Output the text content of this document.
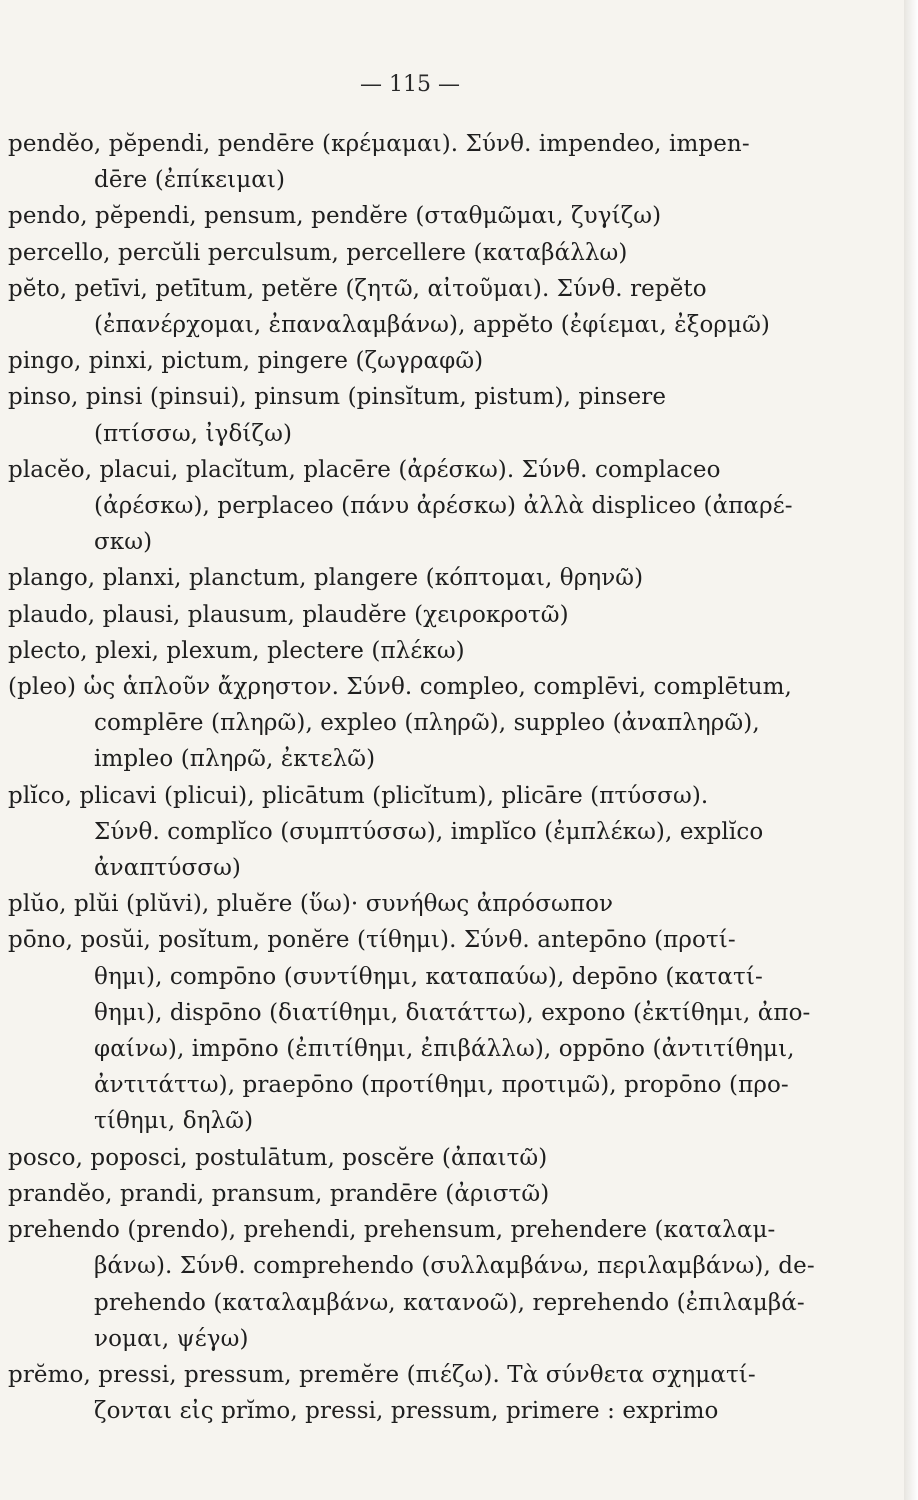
— 115 —
pendĕo, pĕpendi, pendēre (κρέμαμαι). Σύνθ. impendeo, impen-
dēre (ἐπίκειμαι)
pendo, pĕpendi, pensum, pendĕre (σταθμῶμαι, ζυγίζω)
percello, percŭli perculsum, percellere (καταβάλλω)
pĕto, petīvi, petītum, petĕre (ζητῶ, αἰτοῦμαι). Σύνθ. repĕto
(ἐπανέρχομαι, ἐπαναλαμβάνω), appĕto (ἐφίεμαι, ἐξορμῶ)
pingo, pinxi, pictum, pingere (ζωγραφῶ)
pinso, pinsi (pinsui), pinsum (pinsĭtum, pistum), pinsere
(πτίσσω, ἰγδίζω)
placĕo, placui, placĭtum, placēre (ἀρέσκω). Σύνθ. complaceo
(ἀρέσκω), perplaceo (πάνυ ἀρέσκω) ἀλλὰ displiceo (ἀπαρέ-
σκω)
plango, planxi, planctum, plangere (κόπτομαι, θρηνῶ)
plaudo, plausi, plausum, plaudĕre (χειροκροτῶ)
plecto, plexi, plexum, plectere (πλέκω)
(pleo) ὡς ἁπλοῦν ἄχρηστον. Σύνθ. compleo, complēvi, complētum,
complēre (πληρῶ), expleo (πληρῶ), suppleo (ἀναπληρῶ),
impleo (πληρῶ, ἐκτελῶ)
plĭco, plicavi (plicui), plicātum (plicĭtum), plicāre (πτύσσω).
Σύνθ. complĭco (συμπτύσσω), implĭco (ἐμπλέκω), explĭco
ἀναπτύσσω)
plŭo, plŭi (plŭvi), pluĕre (ὕω)· συνήθως ἀπρόσωπον
pōno, posŭi, posĭtum, ponĕre (τίθημι). Σύνθ. antepōno (προτί-
θημι), compōno (συντίθημι, καταπαύω), depōno (κατατί-
θημι), dispōno (διατίθημι, διατάττω), expono (ἐκτίθημι, ἀπο-
φαίνω), impōno (ἐπιτίθημι, ἐπιβάλλω), oppōno (ἀντιτίθημι,
ἀντιτάττω), praepōno (προτίθημι, προτιμῶ), propōno (προ-
τίθημι, δηλῶ)
posco, poposci, postulātum, poscĕre (ἀπαιτῶ)
prandĕo, prandi, pransum, prandēre (ἀριστῶ)
prehendo (prendo), prehendi, prehensum, prehendere (καταλαμ-
βάνω). Σύνθ. comprehendo (συλλαμβάνω, περιλαμβάνω), de-
prehendo (καταλαμβάνω, κατανοῶ), reprehendo (ἐπιλαμβά-
νομαι, ψέγω)
prĕmo, pressi, pressum, premĕre (πιέζω). Τὰ σύνθετα σχηματί-
ζονται εἰς prĭmo, pressi, pressum, primere : exprimo
